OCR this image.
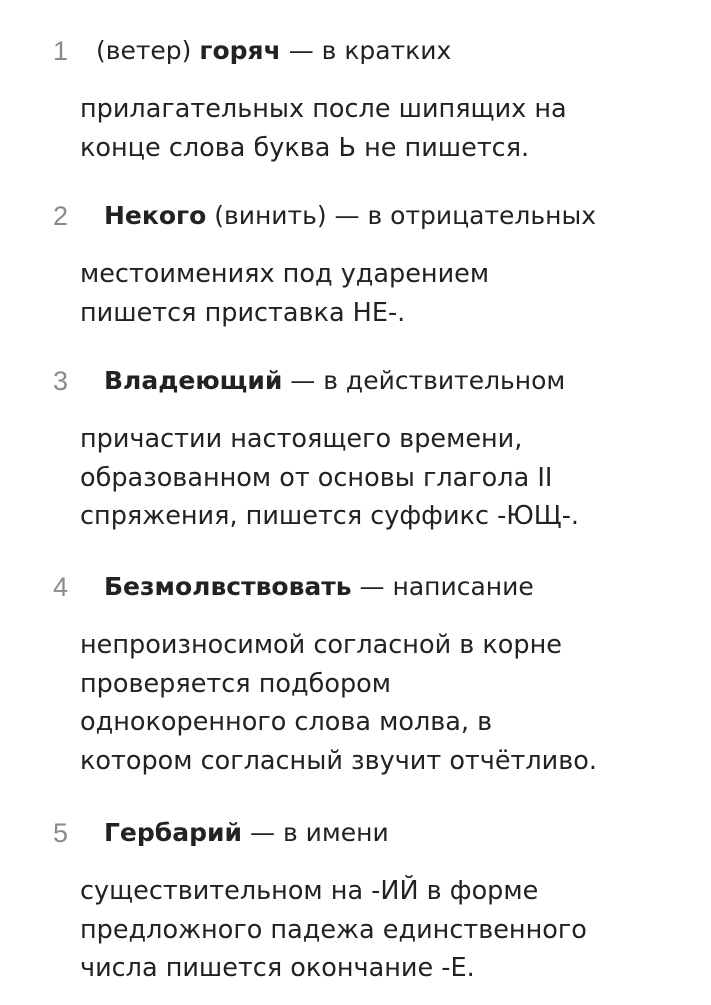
1 (ветер) горяч — в кратких
прилагательных после шипящих на
конце слова буква Ь не пишется.
2 Некого (винить) — в отрицательных
местоимениях под ударением
пишется приставка НЕ-.
3 Владеющий — в действительном
причастии настоящего времени,
образованном от основы глагола II
спряжения, пишется суффикс -ЮЩ-.
4 Безмолвствовать — написание
непроизносимой согласной в корне
проверяется подбором
однокоренного слова молва, в
котором согласный звучит отчётливо.
5 Гербарий — в имени
существительном на -ИЙ в форме
предложного падежа единственного
числа пишется окончание -Е.
